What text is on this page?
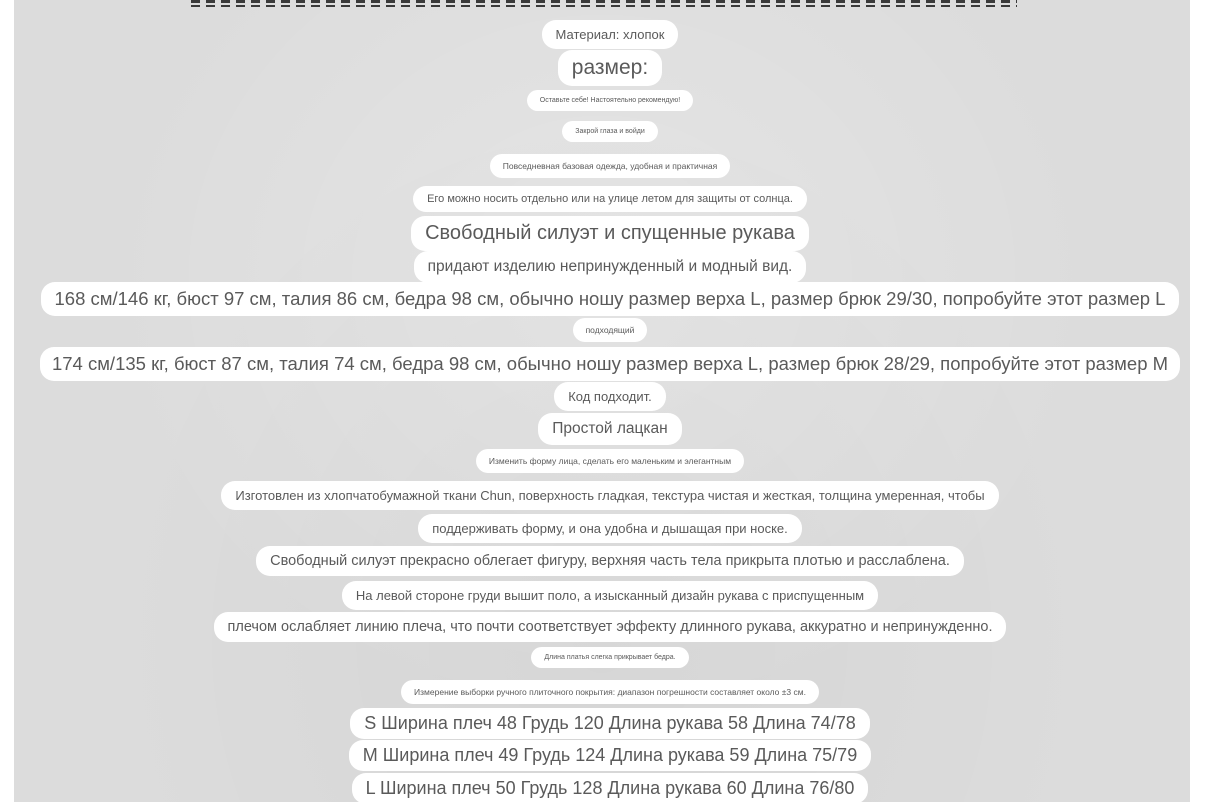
Материал: хлопок
размер:
Оставьте себе! Настоятельно рекомендую!
Закрой глаза и войди
Повседневная базовая одежда, удобная и практичная
Его можно носить отдельно или на улице летом для защиты от солнца.
Свободный силуэт и спущенные рукава
придают изделию непринужденный и модный вид.
168 см/146 кг, бюст 97 см, талия 86 см, бедра 98 см, обычно ношу размер верха L, размер брюк 29/30, попробуйте этот размер L
подходящий
174 см/135 кг, бюст 87 см, талия 74 см, бедра 98 см, обычно ношу размер верха L, размер брюк 28/29, попробуйте этот размер M
Код подходит.
Простой лацкан
Изменить форму лица, сделать его маленьким и элегантным
Изготовлен из хлопчатобумажной ткани Chun, поверхность гладкая, текстура чистая и жесткая, толщина умеренная, чтобы
поддерживать форму, и она удобна и дышащая при носке.
Свободный силуэт прекрасно облегает фигуру, верхняя часть тела прикрыта плотью и расслаблена.
На левой стороне груди вышит поло, а изысканный дизайн рукава с приспущенным
плечом ослабляет линию плеча, что почти соответствует эффекту длинного рукава, аккуратно и непринужденно.
Длина платья слегка прикрывает бедра.
Измерение выборки ручного плиточного покрытия: диапазон погрешности составляет около ±3 см.
S Ширина плеч 48 Грудь 120 Длина рукава 58 Длина 74/78
M Ширина плеч 49 Грудь 124 Длина рукава 59 Длина 75/79
L Ширина плеч 50 Грудь 128 Длина рукава 60 Длина 76/80
